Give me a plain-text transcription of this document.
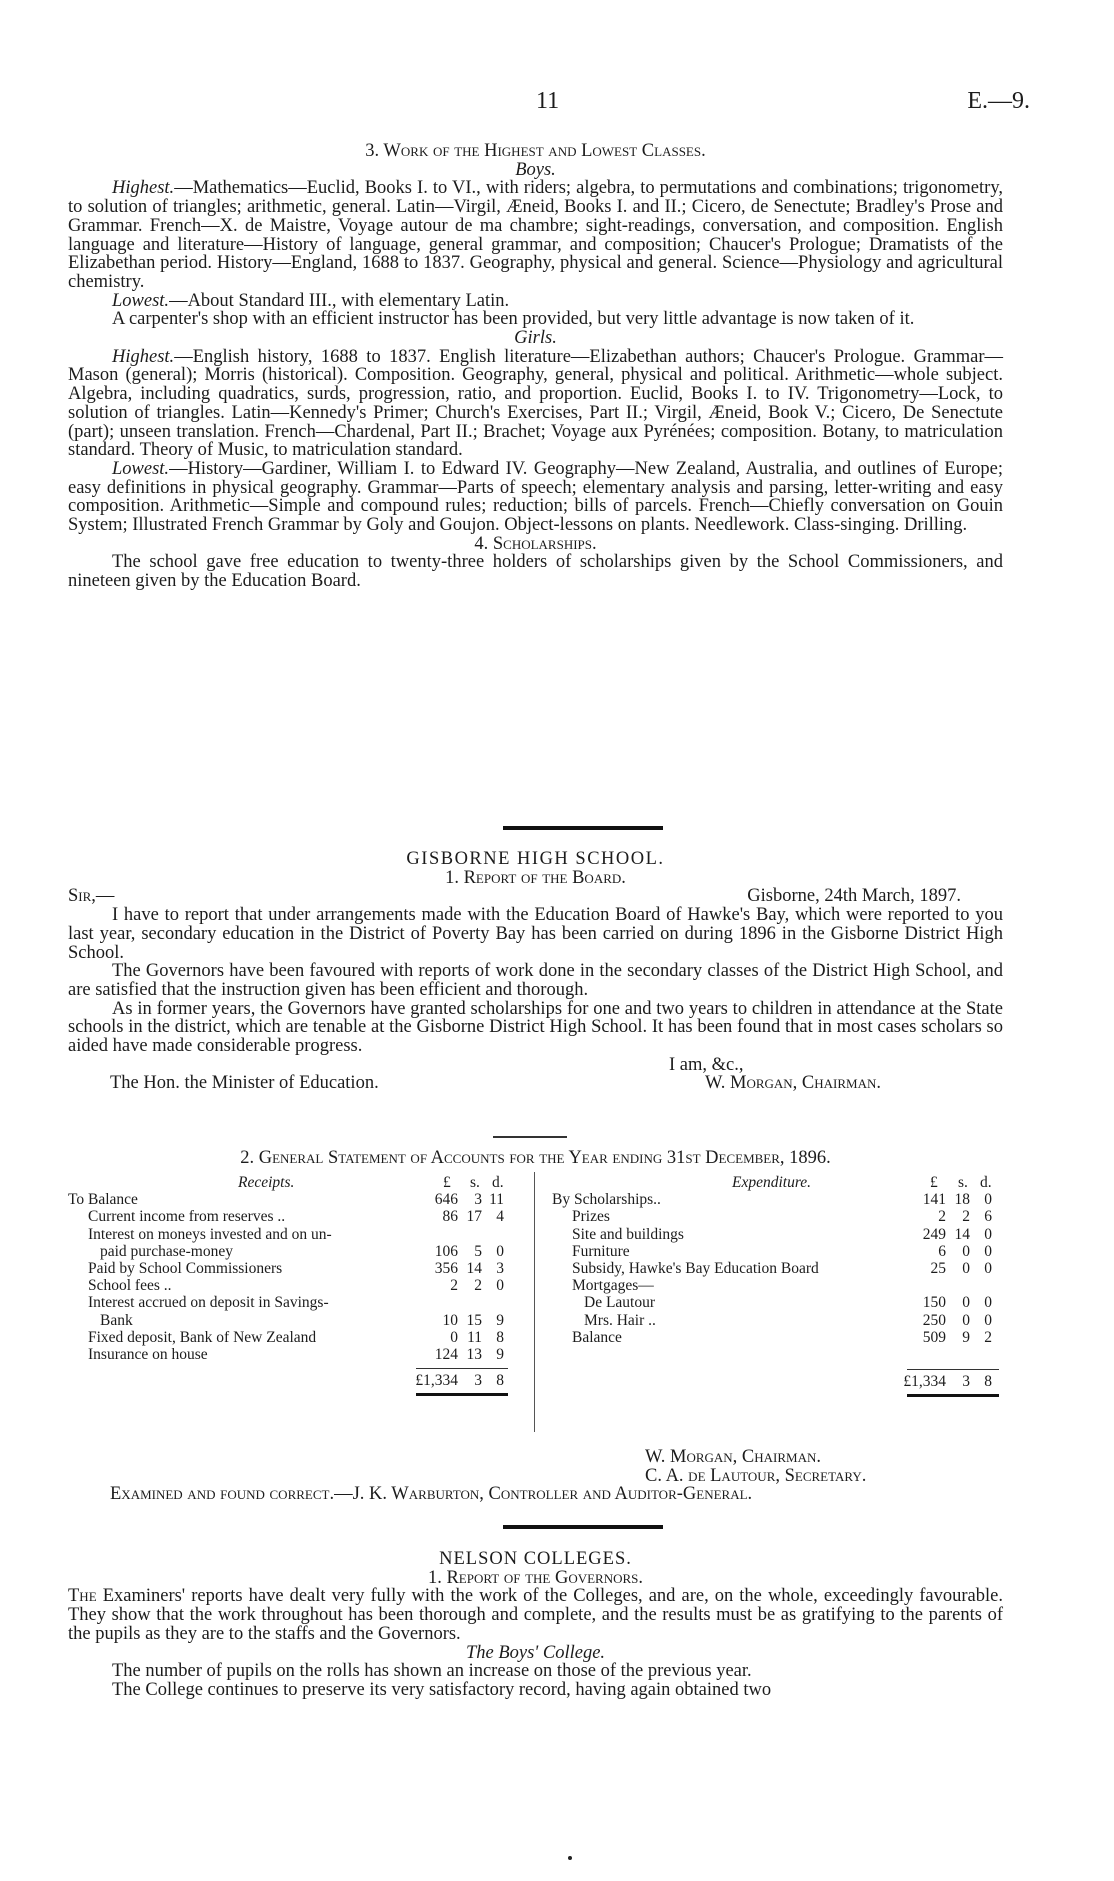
11	E.—9.

3. Work of the Highest and Lowest Classes.

Boys.

Highest.—Mathematics—Euclid, Books I. to VI., with riders; algebra, to permutations and combinations; trigonometry, to solution of triangles; arithmetic, general. Latin—Virgil, Æneid, Books I. and II.; Cicero, de Senectute; Bradley's Prose and Grammar. French—X. de Maistre, Voyage autour de ma chambre; sight-readings, conversation, and composition. English language and literature—History of language, general grammar, and composition; Chaucer's Prologue; Dramatists of the Elizabethan period. History—England, 1688 to 1837. Geography, physical and general. Science—Physiology and agricultural chemistry.

Lowest.—About Standard III., with elementary Latin.

A carpenter's shop with an efficient instructor has been provided, but very little advantage is now taken of it.

Girls.

Highest.—English history, 1688 to 1837. English literature—Elizabethan authors; Chaucer's Prologue. Grammar—Mason (general); Morris (historical). Composition. Geography, general, physical and political. Arithmetic—whole subject. Algebra, including quadratics, surds, progression, ratio, and proportion. Euclid, Books I. to IV. Trigonometry—Lock, to solution of triangles. Latin—Kennedy's Primer; Church's Exercises, Part II.; Virgil, Æneid, Book V.; Cicero, De Senectute (part); unseen translation. French—Chardenal, Part II.; Brachet; Voyage aux Pyrénées; composition. Botany, to matriculation standard. Theory of Music, to matriculation standard.

Lowest.—History—Gardiner, William I. to Edward IV. Geography—New Zealand, Australia, and outlines of Europe; easy definitions in physical geography. Grammar—Parts of speech; elementary analysis and parsing, letter-writing and easy composition. Arithmetic—Simple and compound rules; reduction; bills of parcels. French—Chiefly conversation on Gouin System; Illustrated French Grammar by Goly and Goujon. Object-lessons on plants. Needlework. Class-singing. Drilling.

4. Scholarships.

The school gave free education to twenty-three holders of scholarships given by the School Commissioners, and nineteen given by the Education Board.

GISBORNE HIGH SCHOOL.

1. Report of the Board.

Sir,—	Gisborne, 24th March, 1897.

I have to report that under arrangements made with the Education Board of Hawke's Bay, which were reported to you last year, secondary education in the District of Poverty Bay has been carried on during 1896 in the Gisborne District High School.

The Governors have been favoured with reports of work done in the secondary classes of the District High School, and are satisfied that the instruction given has been efficient and thorough.

As in former years, the Governors have granted scholarships for one and two years to children in attendance at the State schools in the district, which are tenable at the Gisborne District High School. It has been found that in most cases scholars so aided have made considerable progress.

I am, &c.,

The Hon. the Minister of Education.	W. Morgan, Chairman.

2. General Statement of Accounts for the Year ending 31st December, 1896.

Receipts.	£ s. d.
To Balance	646	3 11
Current income from reserves ..	86 17 4
Interest on moneys invested and on un-
paid purchase-money	106	5 0
Paid by School Commissioners	356 14 3
School fees ..	2	2 0
Interest accrued on deposit in Savings-
Bank	10 15 9
Fixed deposit, Bank of New Zealand	0 11 8
Insurance on house	124 13 9
£1,334	3 8
Expenditure.	£ s. d.
By Scholarships..	141 18 0
Prizes	2	2 6
Site and buildings	249 14 0
Furniture	6	0 0
Subsidy, Hawke's Bay Education Board	25	0 0
Mortgages—
De Lautour	150	0 0
Mrs. Hair ..	250	0 0
Balance	509	9 2
£1,334	3 8

W. Morgan, Chairman.

C. A. de Lautour, Secretary.

Examined and found correct.—J. K. Warburton, Controller and Auditor-General.

NELSON COLLEGES.

1. Report of the Governors.

The Examiners' reports have dealt very fully with the work of the Colleges, and are, on the whole, exceedingly favourable. They show that the work throughout has been thorough and complete, and the results must be as gratifying to the parents of the pupils as they are to the staffs and the Governors.

The Boys' College.

The number of pupils on the rolls has shown an increase on those of the previous year.

The College continues to preserve its very satisfactory record, having again obtained two
